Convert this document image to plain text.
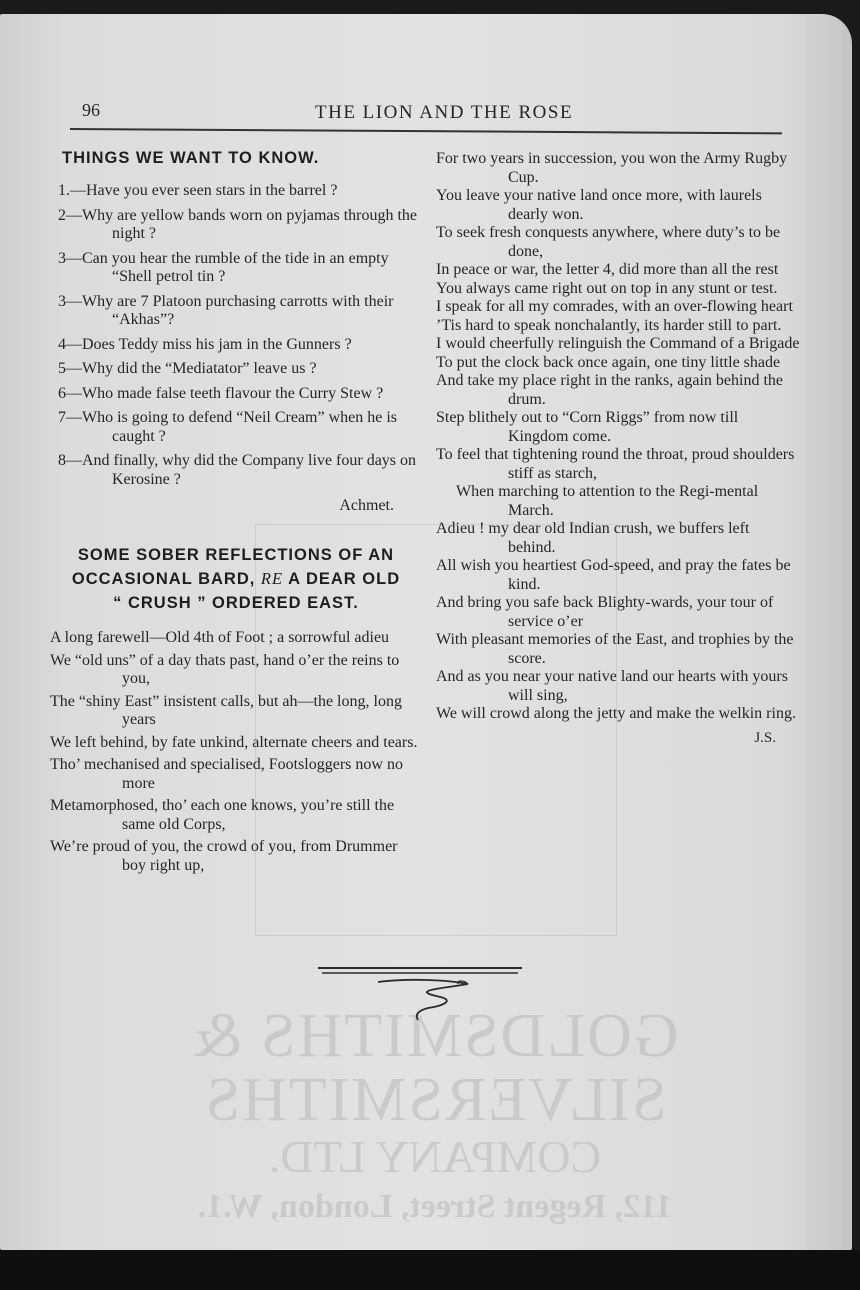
GOLDSMITHS & SILVERSMITHS
COMPANY LTD.
112, Regent Street, London, W.1.
96	THE LION AND THE ROSE
THINGS WE WANT TO KNOW.

1.—Have you ever seen stars in the barrel ?

2—Why are yellow bands worn on pyjamas through the night ?

3—Can you hear the rumble of the tide in an empty “Shell petrol tin ?

3—Why are 7 Platoon purchasing carrotts with their “Akhas”?

4—Does Teddy miss his jam in the Gunners ?

5—Why did the “Mediatator” leave us ?

6—Who made false teeth flavour the Curry Stew ?

7—Who is going to defend “Neil Cream” when he is caught ?

8—And finally, why did the Company live four days on Kerosine ?

Achmet.

SOME SOBER REFLECTIONS OF AN
OCCASIONAL BARD, RE A DEAR OLD
“ CRUSH ” ORDERED EAST.

A long farewell—Old 4th of Foot ; a sorrowful adieu

We “old uns” of a day thats past, hand o’er the reins to you,

The “shiny East” insistent calls, but ah—the long, long years

We left behind, by fate unkind, alternate cheers and tears.

Tho’ mechanised and specialised, Footsloggers now no more

Metamorphosed, tho’ each one knows, you’re still the same old Corps,

We’re proud of you, the crowd of you, from Drummer boy right up,

For two years in succession, you won the Army Rugby Cup.

You leave your native land once more, with laurels dearly won.

To seek fresh conquests anywhere, where duty’s to be done,

In peace or war, the letter 4, did more than all the rest

You always came right out on top in any stunt or test.

I speak for all my comrades, with an over-flowing heart

’Tis hard to speak nonchalantly, its harder still to part.

I would cheerfully relinguish the Command of a Brigade

To put the clock back once again, one tiny little shade

And take my place right in the ranks, again behind the drum.

Step blithely out to “Corn Riggs” from now till Kingdom come.

To feel that tightening round the throat, proud shoulders stiff as starch,

When marching to attention to the Regi-mental March.

Adieu ! my dear old Indian crush, we buffers left behind.

All wish you heartiest God-speed, and pray the fates be kind.

And bring you safe back Blighty-wards, your tour of service o’er

With pleasant memories of the East, and trophies by the score.

And as you near your native land our hearts with yours will sing,

We will crowd along the jetty and make the welkin ring.

J.S.
